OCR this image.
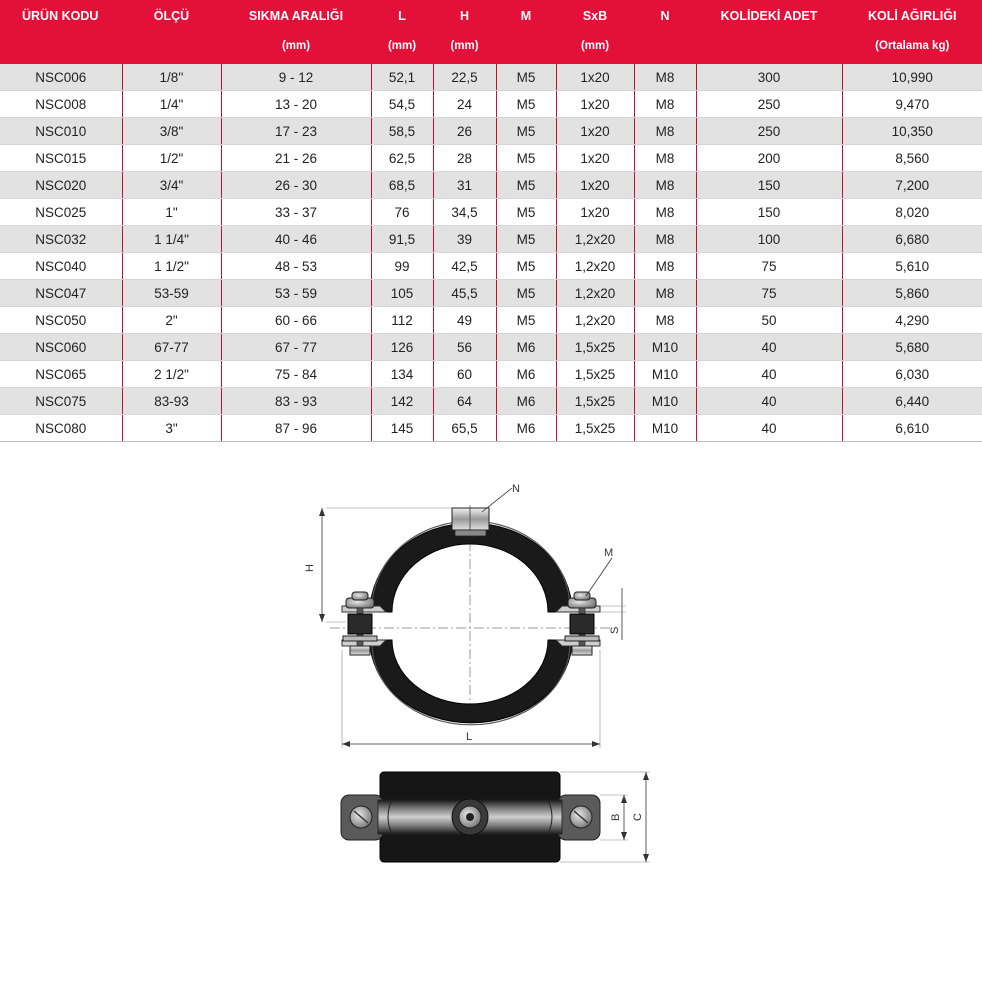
ÜRÜN KODU	ÖLÇÜ	SIKMA ARALIĞI	L	H	M	SxB	N	KOLİDEKİ ADET	KOLİ AĞIRLIĞI
		(mm)	(mm)	(mm)		(mm)			(Ortalama kg)
NSC006	1/8''	9 - 12	52,1	22,5	M5	1x20	M8	300	10,990
NSC008	1/4"	13 - 20	54,5	24	M5	1x20	M8	250	9,470
NSC010	3/8"	17 - 23	58,5	26	M5	1x20	M8	250	10,350
NSC015	1/2"	21 - 26	62,5	28	M5	1x20	M8	200	8,560
NSC020	3/4"	26 - 30	68,5	31	M5	1x20	M8	150	7,200
NSC025	1"	33 - 37	76	34,5	M5	1x20	M8	150	8,020
NSC032	1 1/4"	40 - 46	91,5	39	M5	1,2x20	M8	100	6,680
NSC040	1 1/2"	48 - 53	99	42,5	M5	1,2x20	M8	75	5,610
NSC047	53-59	53 - 59	105	45,5	M5	1,2x20	M8	75	5,860
NSC050	2"	60 - 66	112	49	M5	1,2x20	M8	50	4,290
NSC060	67-77	67 - 77	126	56	M6	1,5x25	M10	40	5,680
NSC065	2 1/2"	75 - 84	134	60	M6	1,5x25	M10	40	6,030
NSC075	83-93	83 - 93	142	64	M6	1,5x25	M10	40	6,440
NSC080	3"	87 - 96	145	65,5	M6	1,5x25	M10	40	6,610
N
M
H
S
L
B C
